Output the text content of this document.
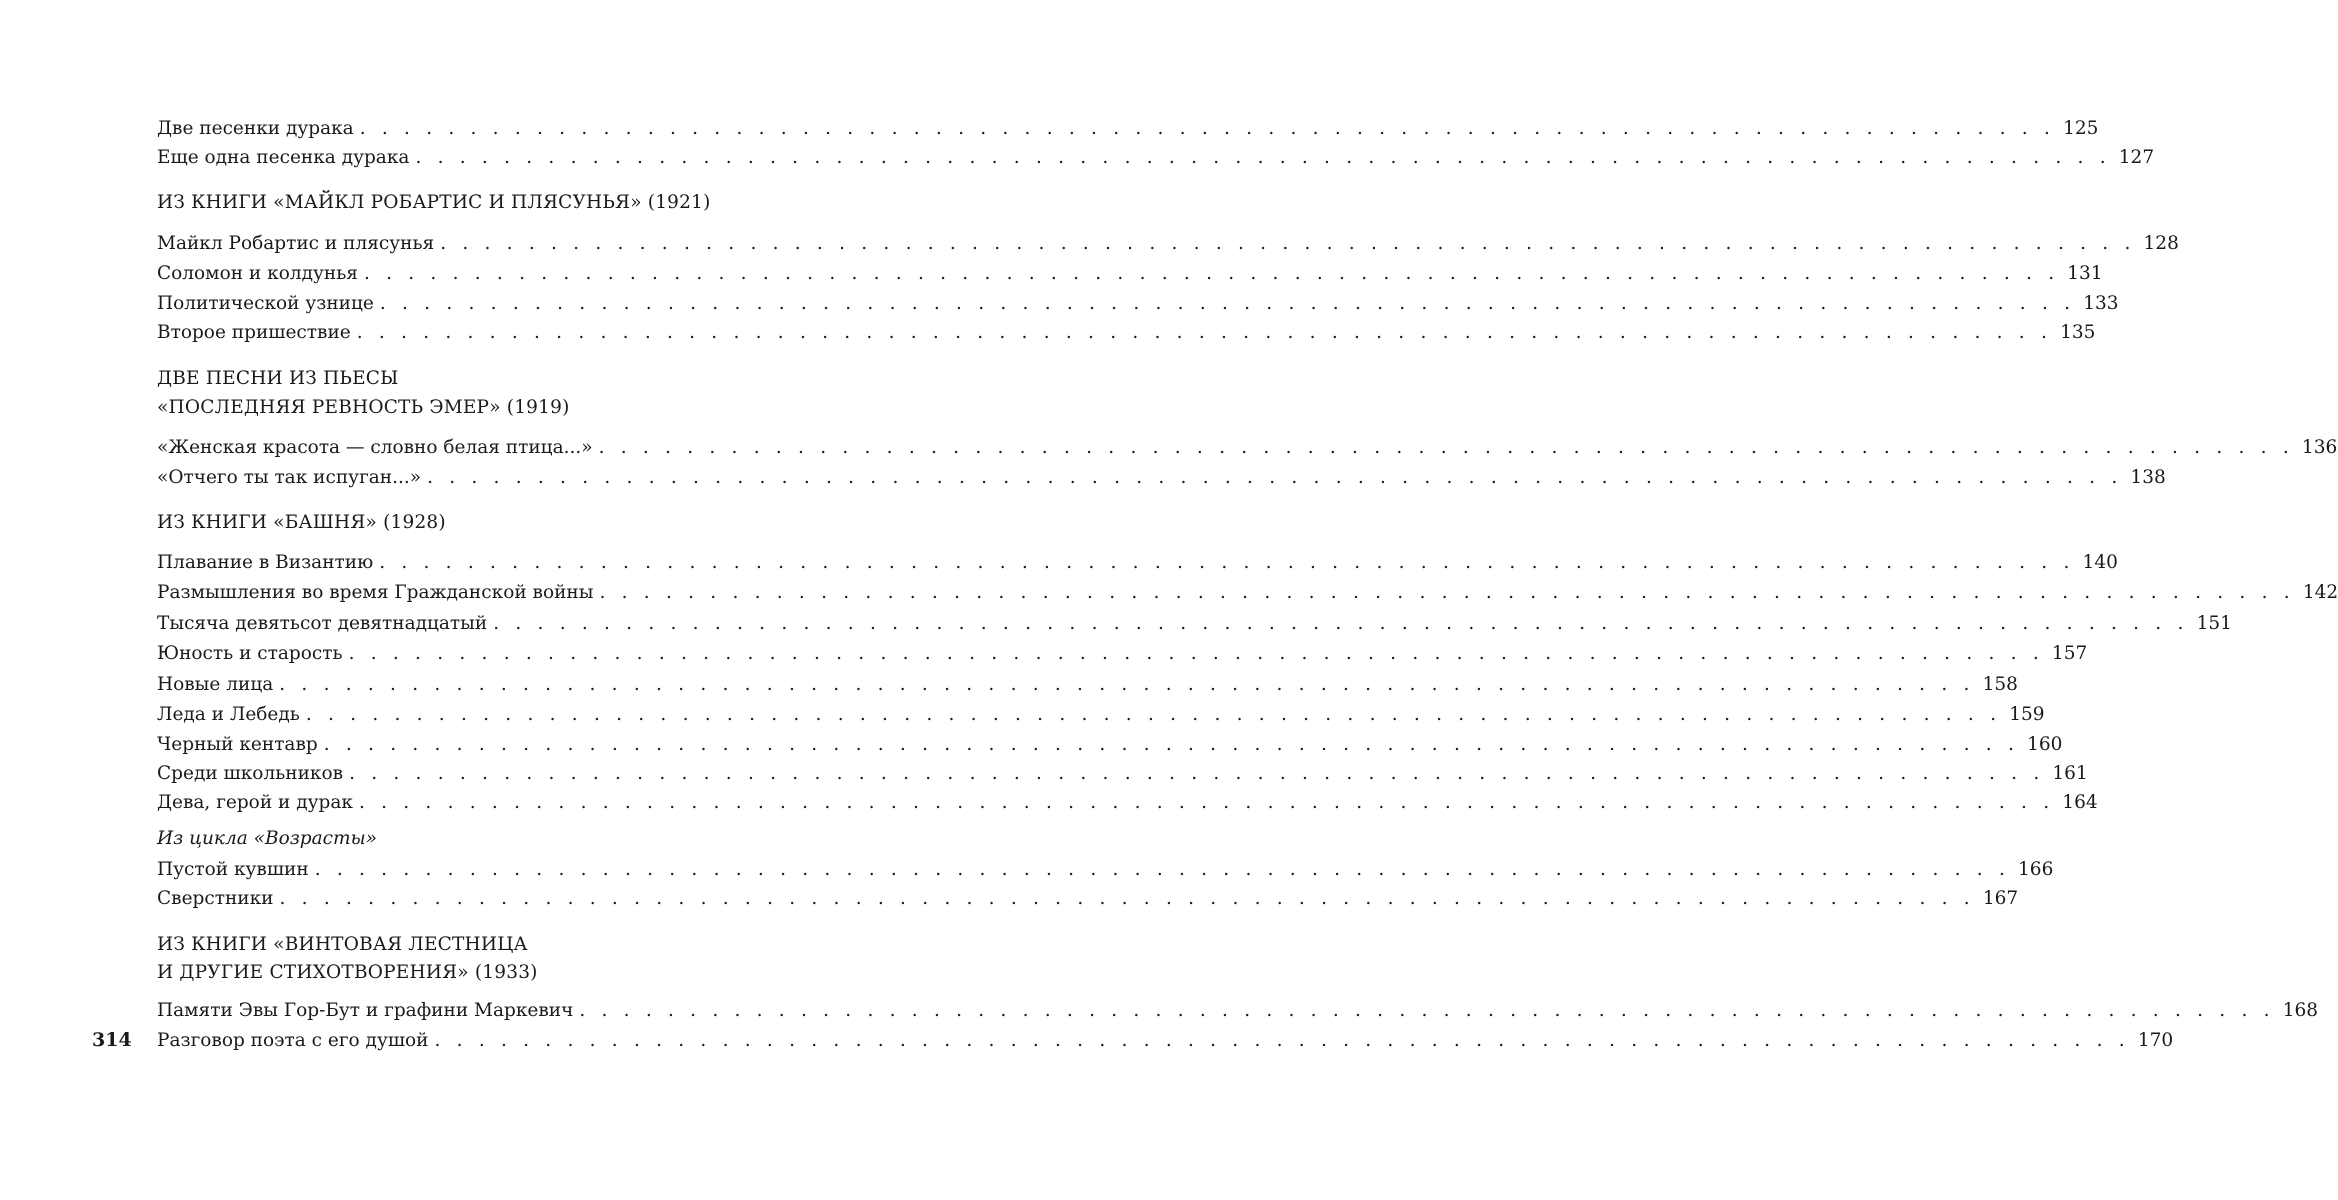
Две песенки дурака . . . . . . . . . . . . . . . . . . . . . . . . . . . . . . . . . . . . . . . . . . . . . . . . . . . . . . . . . . . . . . . . . . . . . . . . . . . . . 125
Еще одна песенка дурака . . . . . . . . . . . . . . . . . . . . . . . . . . . . . . . . . . . . . . . . . . . . . . . . . . . . . . . . . . . . . . . . . . . . . . . . . . . . . 127
ИЗ КНИГИ «МАЙКЛ РОБАРТИС И ПЛЯСУНЬЯ» (1921)
Майкл Робартис и плясунья . . . . . . . . . . . . . . . . . . . . . . . . . . . . . . . . . . . . . . . . . . . . . . . . . . . . . . . . . . . . . . . . . . . . . . . . . . . . . 128
Соломон и колдунья . . . . . . . . . . . . . . . . . . . . . . . . . . . . . . . . . . . . . . . . . . . . . . . . . . . . . . . . . . . . . . . . . . . . . . . . . . . . . 131
Политической узнице . . . . . . . . . . . . . . . . . . . . . . . . . . . . . . . . . . . . . . . . . . . . . . . . . . . . . . . . . . . . . . . . . . . . . . . . . . . . . 133
Второе пришествие . . . . . . . . . . . . . . . . . . . . . . . . . . . . . . . . . . . . . . . . . . . . . . . . . . . . . . . . . . . . . . . . . . . . . . . . . . . . . 135
ДВЕ ПЕСНИ ИЗ ПЬЕСЫ
«ПОСЛЕДНЯЯ РЕВНОСТЬ ЭМЕР» (1919)
«Женская красота — словно белая птица...» . . . . . . . . . . . . . . . . . . . . . . . . . . . . . . . . . . . . . . . . . . . . . . . . . . . . . . . . . . . . . . . . . . . . . . . . . . . . . 136
«Отчего ты так испуган...» . . . . . . . . . . . . . . . . . . . . . . . . . . . . . . . . . . . . . . . . . . . . . . . . . . . . . . . . . . . . . . . . . . . . . . . . . . . . . 138
ИЗ КНИГИ «БАШНЯ» (1928)
Плавание в Византию . . . . . . . . . . . . . . . . . . . . . . . . . . . . . . . . . . . . . . . . . . . . . . . . . . . . . . . . . . . . . . . . . . . . . . . . . . . . . 140
Размышления во время Гражданской войны . . . . . . . . . . . . . . . . . . . . . . . . . . . . . . . . . . . . . . . . . . . . . . . . . . . . . . . . . . . . . . . . . . . . . . . . . . . . . 142
Тысяча девятьсот девятнадцатый . . . . . . . . . . . . . . . . . . . . . . . . . . . . . . . . . . . . . . . . . . . . . . . . . . . . . . . . . . . . . . . . . . . . . . . . . . . . . 151
Юность и старость . . . . . . . . . . . . . . . . . . . . . . . . . . . . . . . . . . . . . . . . . . . . . . . . . . . . . . . . . . . . . . . . . . . . . . . . . . . . . 157
Новые лица . . . . . . . . . . . . . . . . . . . . . . . . . . . . . . . . . . . . . . . . . . . . . . . . . . . . . . . . . . . . . . . . . . . . . . . . . . . . . 158
Леда и Лебедь . . . . . . . . . . . . . . . . . . . . . . . . . . . . . . . . . . . . . . . . . . . . . . . . . . . . . . . . . . . . . . . . . . . . . . . . . . . . . 159
Черный кентавр . . . . . . . . . . . . . . . . . . . . . . . . . . . . . . . . . . . . . . . . . . . . . . . . . . . . . . . . . . . . . . . . . . . . . . . . . . . . . 160
Среди школьников . . . . . . . . . . . . . . . . . . . . . . . . . . . . . . . . . . . . . . . . . . . . . . . . . . . . . . . . . . . . . . . . . . . . . . . . . . . . . 161
Дева, герой и дурак . . . . . . . . . . . . . . . . . . . . . . . . . . . . . . . . . . . . . . . . . . . . . . . . . . . . . . . . . . . . . . . . . . . . . . . . . . . . . 164
Из цикла «Возрасты»
Пустой кувшин . . . . . . . . . . . . . . . . . . . . . . . . . . . . . . . . . . . . . . . . . . . . . . . . . . . . . . . . . . . . . . . . . . . . . . . . . . . . . 166
Сверстники . . . . . . . . . . . . . . . . . . . . . . . . . . . . . . . . . . . . . . . . . . . . . . . . . . . . . . . . . . . . . . . . . . . . . . . . . . . . . 167
ИЗ КНИГИ «ВИНТОВАЯ ЛЕСТНИЦА
И ДРУГИЕ СТИХОТВОРЕНИЯ» (1933)
Памяти Эвы Гор-Бут и графини Маркевич . . . . . . . . . . . . . . . . . . . . . . . . . . . . . . . . . . . . . . . . . . . . . . . . . . . . . . . . . . . . . . . . . . . . . . . . . . . . . 168
Разговор поэта с его душой . . . . . . . . . . . . . . . . . . . . . . . . . . . . . . . . . . . . . . . . . . . . . . . . . . . . . . . . . . . . . . . . . . . . . . . . . . . . . 170
314
